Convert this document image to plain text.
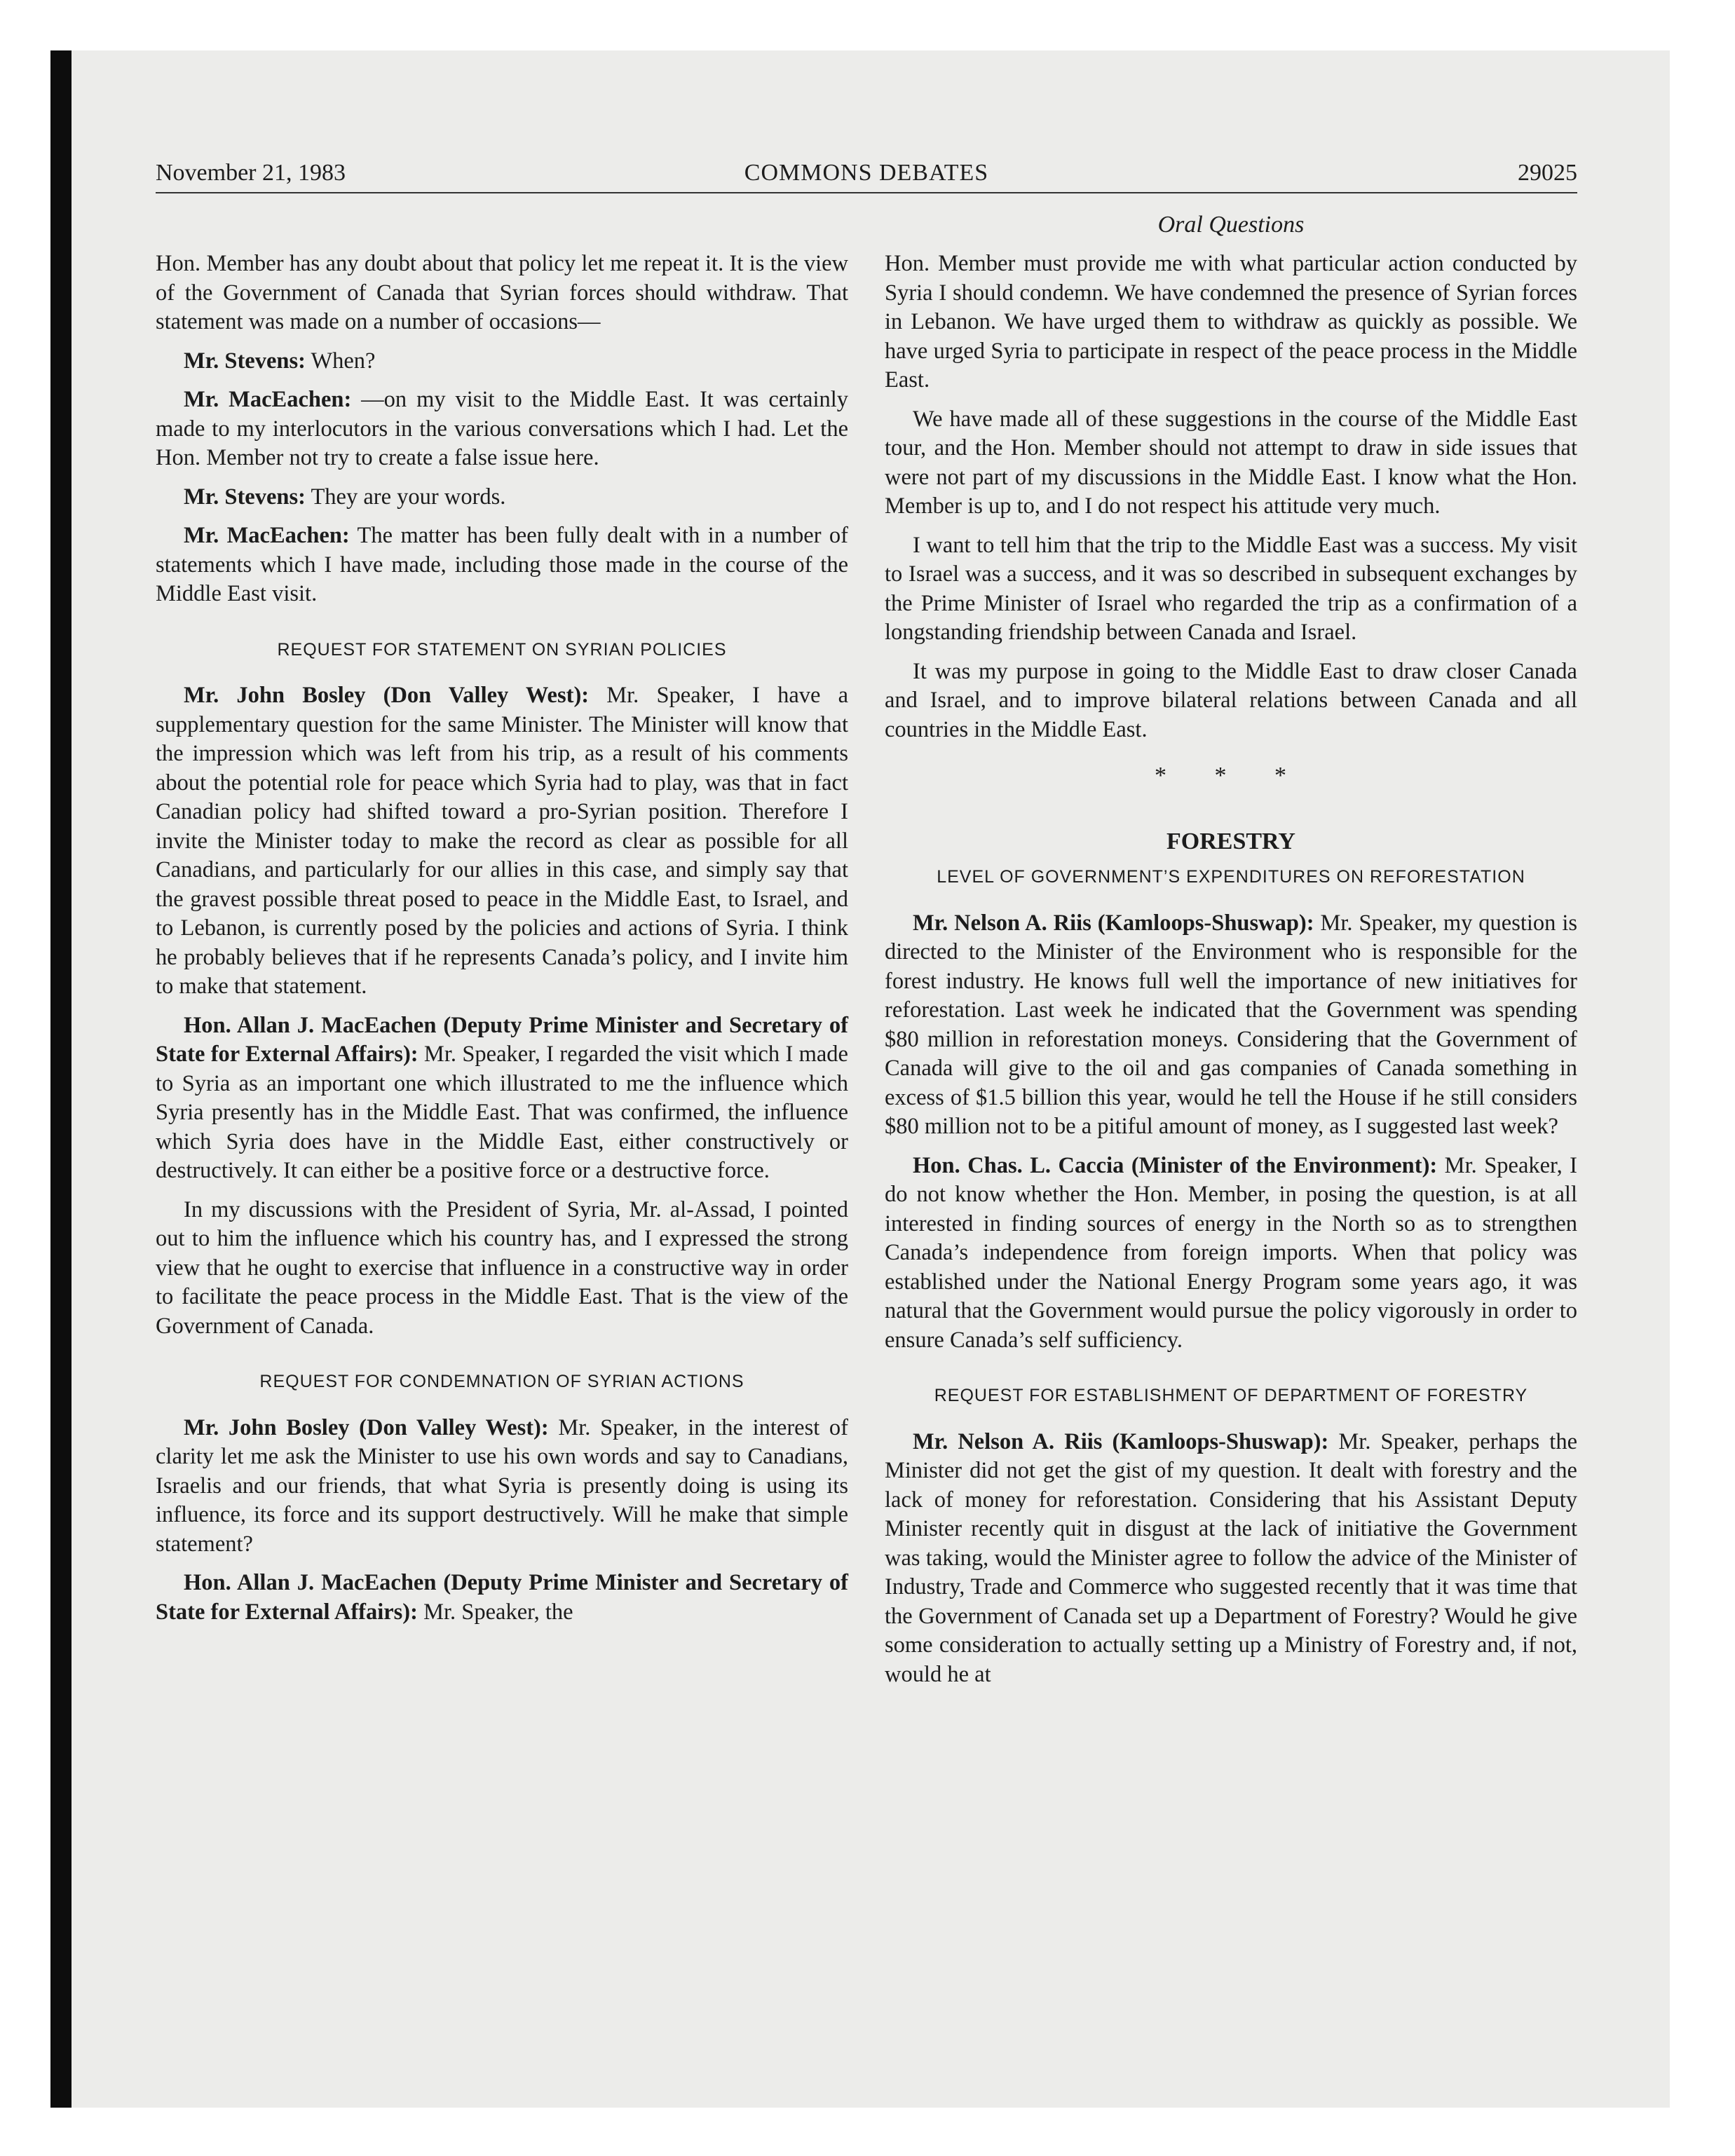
November 21, 1983	COMMONS DEBATES	29025
Oral Questions

Hon. Member has any doubt about that policy let me repeat it. It is the view of the Government of Canada that Syrian forces should withdraw. That statement was made on a number of occasions—

Mr. Stevens: When?

Mr. MacEachen: —on my visit to the Middle East. It was certainly made to my interlocutors in the various conversations which I had. Let the Hon. Member not try to create a false issue here.

Mr. Stevens: They are your words.

Mr. MacEachen: The matter has been fully dealt with in a number of statements which I have made, including those made in the course of the Middle East visit.

REQUEST FOR STATEMENT ON SYRIAN POLICIES

Mr. John Bosley (Don Valley West): Mr. Speaker, I have a supplementary question for the same Minister. The Minister will know that the impression which was left from his trip, as a result of his comments about the potential role for peace which Syria had to play, was that in fact Canadian policy had shifted toward a pro-Syrian position. Therefore I invite the Minister today to make the record as clear as possible for all Canadians, and particularly for our allies in this case, and simply say that the gravest possible threat posed to peace in the Middle East, to Israel, and to Lebanon, is currently posed by the policies and actions of Syria. I think he probably believes that if he represents Canada’s policy, and I invite him to make that statement.

Hon. Allan J. MacEachen (Deputy Prime Minister and Secretary of State for External Affairs): Mr. Speaker, I regarded the visit which I made to Syria as an important one which illustrated to me the influence which Syria presently has in the Middle East. That was confirmed, the influence which Syria does have in the Middle East, either constructively or destructively. It can either be a positive force or a destructive force.

In my discussions with the President of Syria, Mr. al-Assad, I pointed out to him the influence which his country has, and I expressed the strong view that he ought to exercise that influence in a constructive way in order to facilitate the peace process in the Middle East. That is the view of the Government of Canada.

REQUEST FOR CONDEMNATION OF SYRIAN ACTIONS

Mr. John Bosley (Don Valley West): Mr. Speaker, in the interest of clarity let me ask the Minister to use his own words and say to Canadians, Israelis and our friends, that what Syria is presently doing is using its influence, its force and its support destructively. Will he make that simple statement?

Hon. Allan J. MacEachen (Deputy Prime Minister and Secretary of State for External Affairs): Mr. Speaker, the

Hon. Member must provide me with what particular action conducted by Syria I should condemn. We have condemned the presence of Syrian forces in Lebanon. We have urged them to withdraw as quickly as possible. We have urged Syria to participate in respect of the peace process in the Middle East.

We have made all of these suggestions in the course of the Middle East tour, and the Hon. Member should not attempt to draw in side issues that were not part of my discussions in the Middle East. I know what the Hon. Member is up to, and I do not respect his attitude very much.

I want to tell him that the trip to the Middle East was a success. My visit to Israel was a success, and it was so described in subsequent exchanges by the Prime Minister of Israel who regarded the trip as a confirmation of a longstanding friendship between Canada and Israel.

It was my purpose in going to the Middle East to draw closer Canada and Israel, and to improve bilateral relations between Canada and all countries in the Middle East.

* * *

FORESTRY

LEVEL OF GOVERNMENT’S EXPENDITURES ON REFORESTATION

Mr. Nelson A. Riis (Kamloops-Shuswap): Mr. Speaker, my question is directed to the Minister of the Environment who is responsible for the forest industry. He knows full well the importance of new initiatives for reforestation. Last week he indicated that the Government was spending $80 million in reforestation moneys. Considering that the Government of Canada will give to the oil and gas companies of Canada something in excess of $1.5 billion this year, would he tell the House if he still considers $80 million not to be a pitiful amount of money, as I suggested last week?

Hon. Chas. L. Caccia (Minister of the Environment): Mr. Speaker, I do not know whether the Hon. Member, in posing the question, is at all interested in finding sources of energy in the North so as to strengthen Canada’s independence from foreign imports. When that policy was established under the National Energy Program some years ago, it was natural that the Government would pursue the policy vigorously in order to ensure Canada’s self sufficiency.

REQUEST FOR ESTABLISHMENT OF DEPARTMENT OF FORESTRY

Mr. Nelson A. Riis (Kamloops-Shuswap): Mr. Speaker, perhaps the Minister did not get the gist of my question. It dealt with forestry and the lack of money for reforestation. Considering that his Assistant Deputy Minister recently quit in disgust at the lack of initiative the Government was taking, would the Minister agree to follow the advice of the Minister of Industry, Trade and Commerce who suggested recently that it was time that the Government of Canada set up a Department of Forestry? Would he give some consideration to actually setting up a Ministry of Forestry and, if not, would he at
